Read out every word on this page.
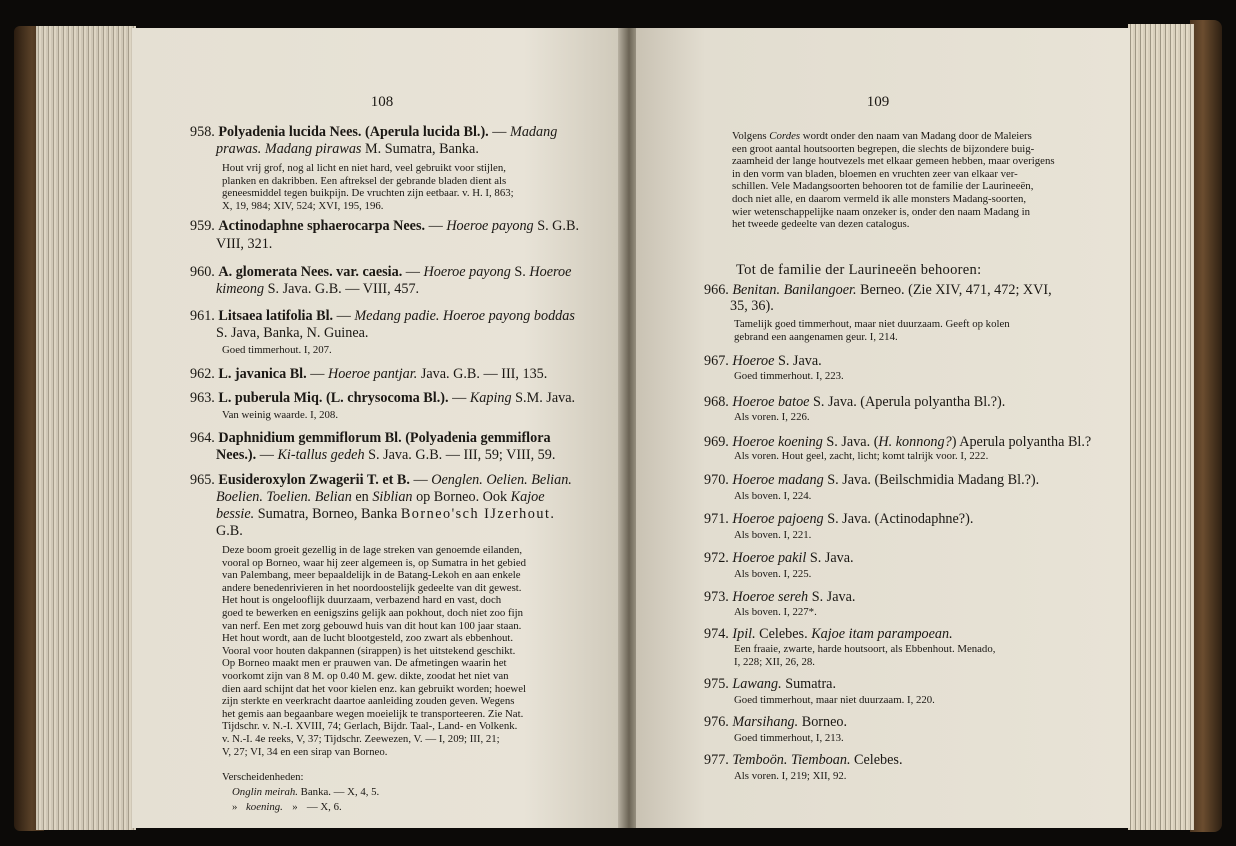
108
958. Polyadenia lucida Nees. (Aperula lucida Bl.). — Madang
prawas. Madang pirawas M. Sumatra, Banka.
Hout vrij grof, nog al licht en niet hard, veel gebruikt voor stijlen,
planken en dakribben. Een aftreksel der gebrande bladen dient als
geneesmiddel tegen buikpijn. De vruchten zijn eetbaar. v. H. I, 863;
X, 19, 984; XIV, 524; XVI, 195, 196.
959. Actinodaphne sphaerocarpa Nees. — Hoeroe payong S. G.B.
VIII, 321.
960. A. glomerata Nees. var. caesia. — Hoeroe payong S. Hoeroe
kimeong S. Java. G.B. — VIII, 457.
961. Litsaea latifolia Bl. — Medang padie. Hoeroe payong boddas
S. Java, Banka, N. Guinea.
Goed timmerhout. I, 207.
962. L. javanica Bl. — Hoeroe pantjar. Java. G.B. — III, 135.
963. L. puberula Miq. (L. chrysocoma Bl.). — Kaping S.M. Java.
Van weinig waarde. I, 208.
964. Daphnidium gemmiflorum Bl. (Polyadenia gemmiflora
Nees.). — Ki-tallus gedeh S. Java. G.B. — III, 59; VIII, 59.
965. Eusideroxylon Zwagerii T. et B. — Oenglen. Oelien. Belian.
Boelien. Toelien. Belian en Siblian op Borneo. Ook Kajoe
bessie. Sumatra, Borneo, Banka Borneo'sch IJzerhout.
G.B.
Deze boom groeit gezellig in de lage streken van genoemde eilanden,
vooral op Borneo, waar hij zeer algemeen is, op Sumatra in het gebied
van Palembang, meer bepaaldelijk in de Batang-Lekoh en aan enkele
andere benedenrivieren in het noordoostelijk gedeelte van dit gewest.
Het hout is ongelooflijk duurzaam, verbazend hard en vast, doch
goed te bewerken en eenigszins gelijk aan pokhout, doch niet zoo fijn
van nerf. Een met zorg gebouwd huis van dit hout kan 100 jaar staan.
Het hout wordt, aan de lucht blootgesteld, zoo zwart als ebbenhout.
Vooral voor houten dakpannen (sirappen) is het uitstekend geschikt.
Op Borneo maakt men er prauwen van. De afmetingen waarin het
voorkomt zijn van 8 M. op 0.40 M. gew. dikte, zoodat het niet van
dien aard schijnt dat het voor kielen enz. kan gebruikt worden; hoewel
zijn sterkte en veerkracht daartoe aanleiding zouden geven. Wegens
het gemis aan begaanbare wegen moeielijk te transporteeren. Zie Nat.
Tijdschr. v. N.-I. XVIII, 74; Gerlach, Bijdr. Taal-, Land- en Volkenk.
v. N.-I. 4e reeks, V, 37; Tijdschr. Zeewezen, V. — I, 209; III, 21;
V, 27; VI, 34 en een sirap van Borneo.
Verscheidenheden:
Onglin meirah. Banka. — X, 4, 5.
» koening. » — X, 6.
109
Volgens Cordes wordt onder den naam van Madang door de Maleiers
een groot aantal houtsoorten begrepen, die slechts de bijzondere buig-
zaamheid der lange houtvezels met elkaar gemeen hebben, maar overigens
in den vorm van bladen, bloemen en vruchten zeer van elkaar ver-
schillen. Vele Madangsoorten behooren tot de familie der Laurineeën,
doch niet alle, en daarom vermeld ik alle monsters Madang-soorten,
wier wetenschappelijke naam onzeker is, onder den naam Madang in
het tweede gedeelte van dezen catalogus.
Tot de familie der Laurineeën behooren:
966. Benitan. Banilangoer. Berneo. (Zie XIV, 471, 472; XVI,
35, 36).
Tamelijk goed timmerhout, maar niet duurzaam. Geeft op kolen
gebrand een aangenamen geur. I, 214.
967. Hoeroe S. Java.
Goed timmerhout. I, 223.
968. Hoeroe batoe S. Java. (Aperula polyantha Bl.?).
Als voren. I, 226.
969. Hoeroe koening S. Java. (H. konnong?) Aperula polyantha Bl.?
Als voren. Hout geel, zacht, licht; komt talrijk voor. I, 222.
970. Hoeroe madang S. Java. (Beilschmidia Madang Bl.?).
Als boven. I, 224.
971. Hoeroe pajoeng S. Java. (Actinodaphne?).
Als boven. I, 221.
972. Hoeroe pakil S. Java.
Als boven. I, 225.
973. Hoeroe sereh S. Java.
Als boven. I, 227*.
974. Ipil. Celebes. Kajoe itam parampoean.
Een fraaie, zwarte, harde houtsoort, als Ebbenhout. Menado,
I, 228; XII, 26, 28.
975. Lawang. Sumatra.
Goed timmerhout, maar niet duurzaam. I, 220.
976. Marsihang. Borneo.
Goed timmerhout, I, 213.
977. Temboön. Tiemboan. Celebes.
Als voren. I, 219; XII, 92.
